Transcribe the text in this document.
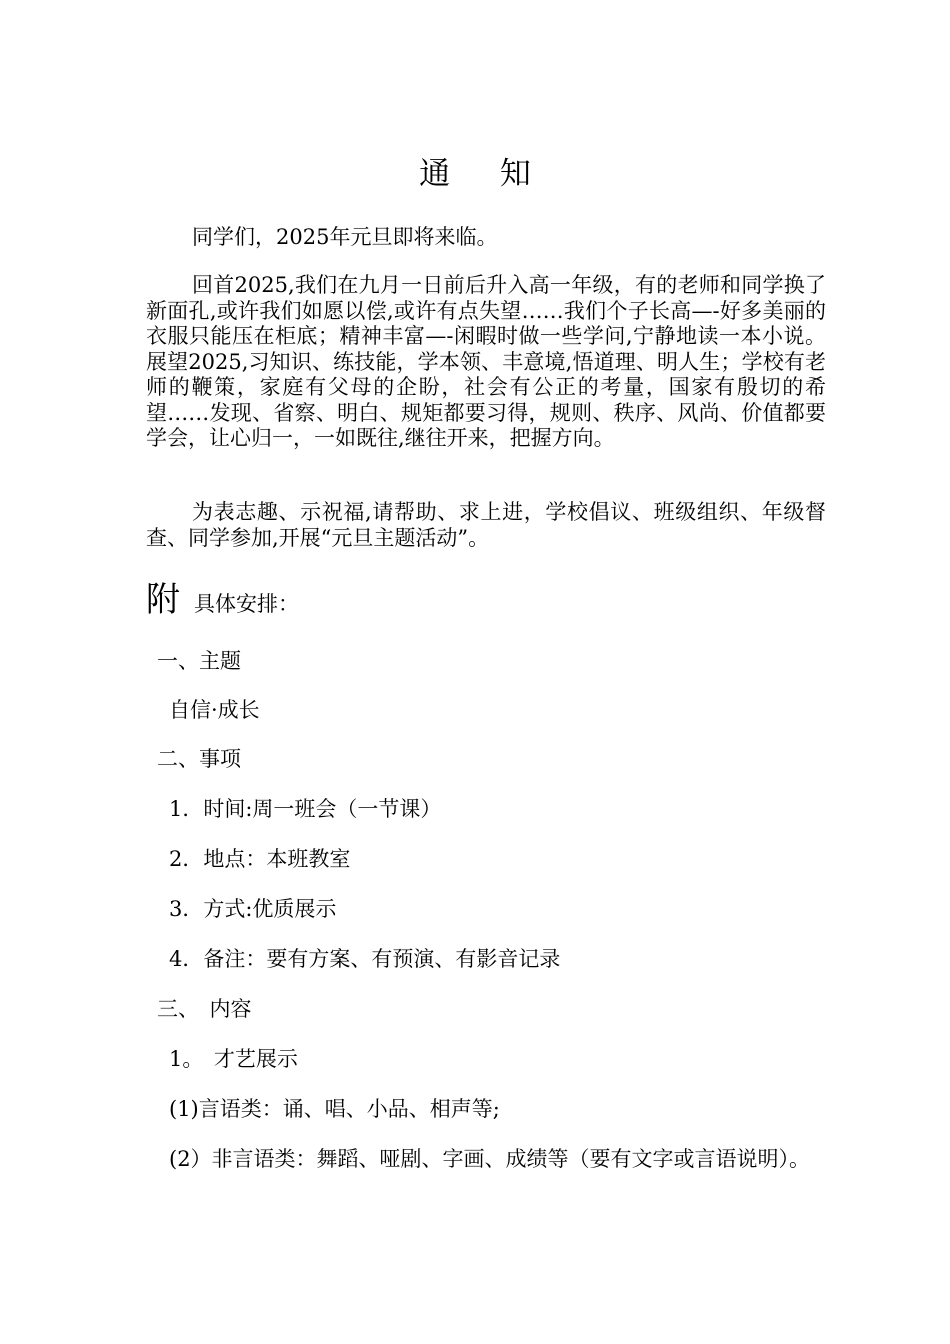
通 知

同学们，2025年元旦即将来临。

回首2025,我们在九月一日前后升入高一年级，有的老师和同学换了新面孔,或许我们如愿以偿,或许有点失望……我们个子长高—-好多美丽的衣服只能压在柜底；精神丰富—-闲暇时做一些学问,宁静地读一本小说。展望2025,习知识、练技能，学本领、丰意境,悟道理、明人生；学校有老师的鞭策，家庭有父母的企盼，社会有公正的考量，国家有殷切的希望……发现、省察、明白、规矩都要习得，规则、秩序、风尚、价值都要学会，让心归一，一如既往,继往开来，把握方向。

为表志趣、示祝福,请帮助、求上进，学校倡议、班级组织、年级督查、同学参加,开展“元旦主题活动”。

附具体安排：

一、主题

自信·成长

二、事项

1．时间:周一班会（一节课）

2．地点：本班教室

3．方式:优质展示

4．备注：要有方案、有预演、有影音记录

三、　内容

1。　才艺展示

(1)言语类：诵、唱、小品、相声等;

(2）非言语类：舞蹈、哑剧、字画、成绩等（要有文字或言语说明）。
